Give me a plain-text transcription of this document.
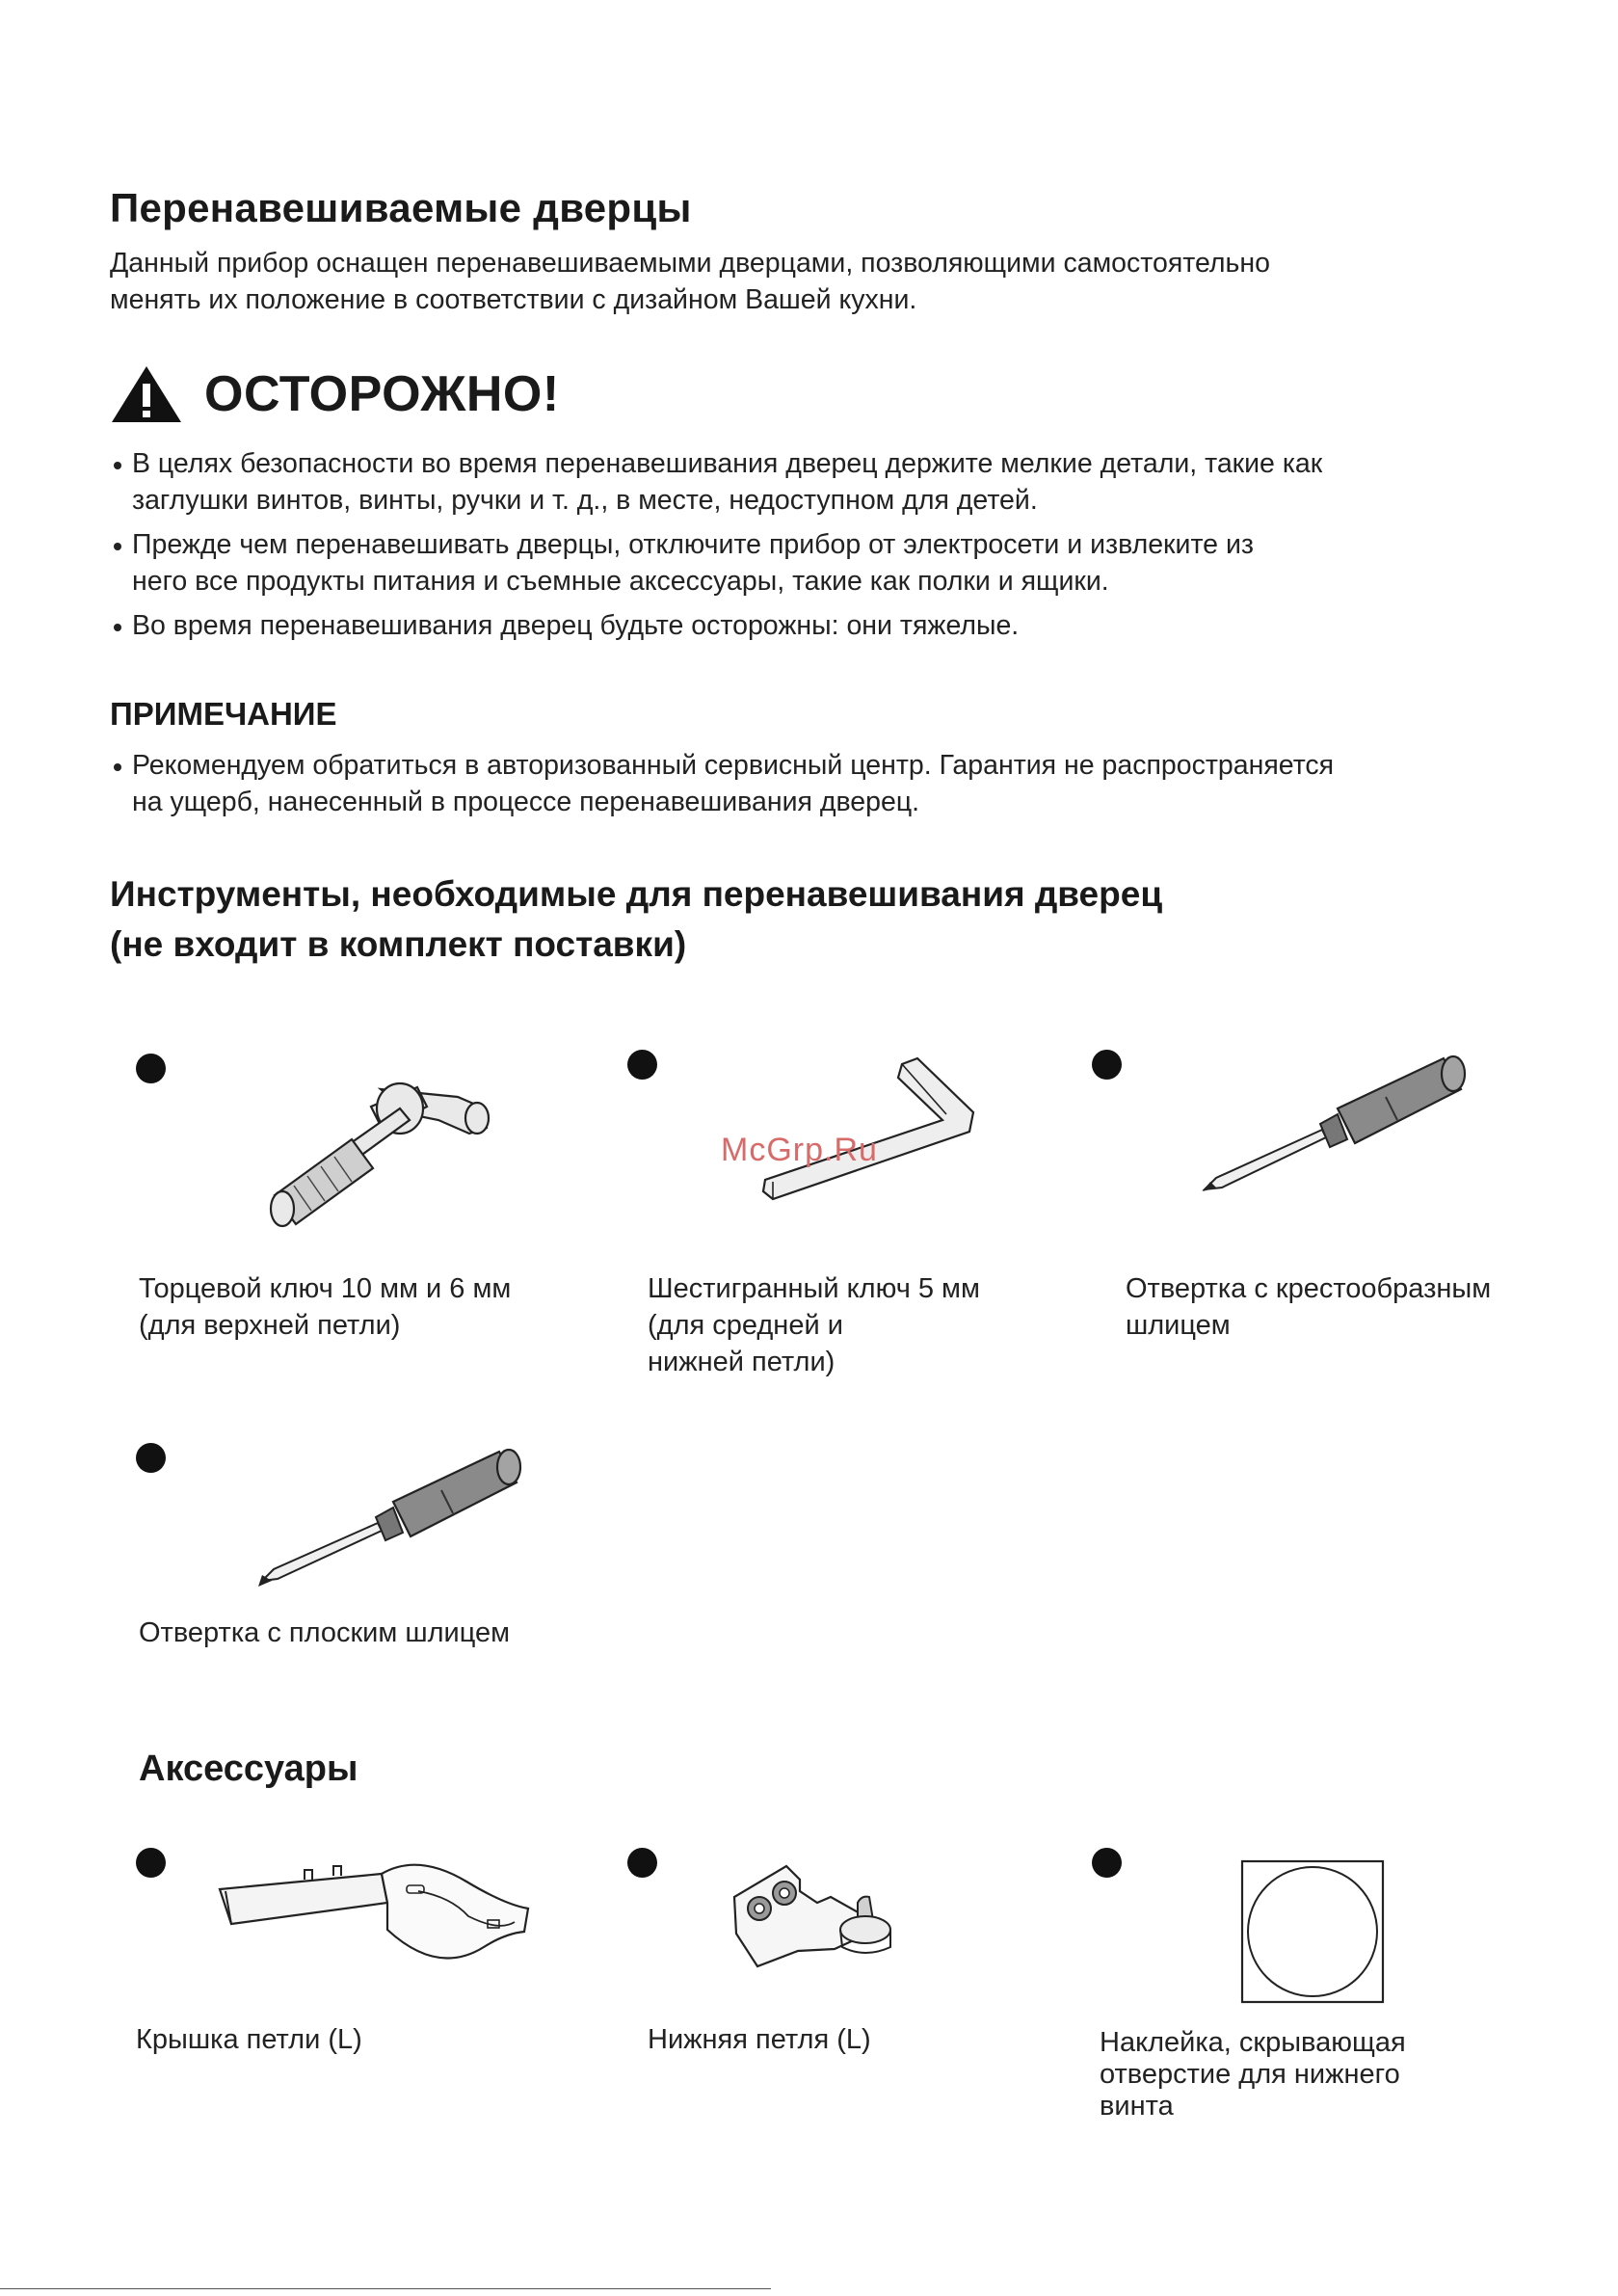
Перенавешиваемые дверцы
Данный прибор оснащен перенавешиваемыми дверцами, позволяющими самостоятельно
менять их положение в соответствии с дизайном Вашей кухни.
ОСТОРОЖНО!
В целях безопасности во время перенавешивания дверец держите мелкие детали, такие как
заглушки винтов, винты, ручки и т. д., в месте, недоступном для детей.
Прежде чем перенавешивать дверцы, отключите прибор от электросети и извлеките из
него все продукты питания и съемные аксессуары, такие как полки и ящики.
Во время перенавешивания дверец будьте осторожны: они тяжелые.
ПРИМЕЧАНИЕ
Рекомендуем обратиться в авторизованный сервисный центр. Гарантия не распространяется
на ущерб, нанесенный в процессе перенавешивания дверец.
Инструменты, необходимые для перенавешивания дверец
(не входит в комплект поставки)
Торцевой ключ 10 мм и 6 мм
(для верхней петли)
McGrp.Ru
Шестигранный ключ 5 мм
(для средней и
нижней петли)
Отвертка с крестообразным
шлицем
Отвертка с плоским шлицем
Аксессуары
Крышка петли (L)	Нижняя петля (L)	Наклейка, скрывающая
отверстие для нижнего
винта
